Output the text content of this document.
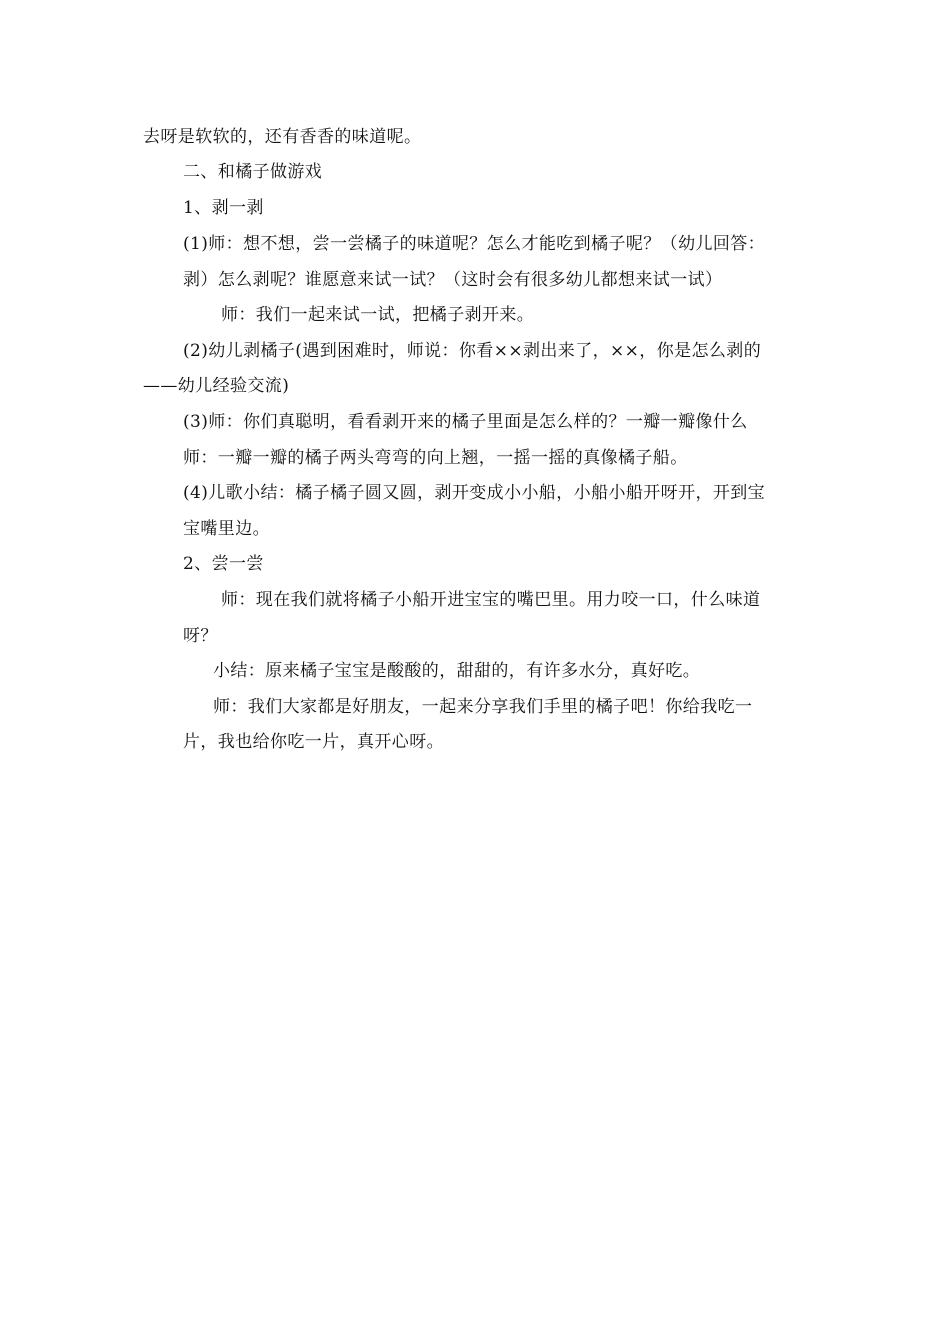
去呀是软软的，还有香香的味道呢。
二、和橘子做游戏
1、剥一剥
(1)师：想不想，尝一尝橘子的味道呢？怎么才能吃到橘子呢？（幼儿回答：
剥）怎么剥呢？谁愿意来试一试？（这时会有很多幼儿都想来试一试）
师：我们一起来试一试，把橘子剥开来。
(2)幼儿剥橘子(遇到困难时，师说：你看××剥出来了，××，你是怎么剥的
——幼儿经验交流)
(3)师：你们真聪明，看看剥开来的橘子里面是怎么样的？一瓣一瓣像什么
师：一瓣一瓣的橘子两头弯弯的向上翘，一摇一摇的真像橘子船。
(4)儿歌小结：橘子橘子圆又圆，剥开变成小小船，小船小船开呀开，开到宝
宝嘴里边。
2、尝一尝
师：现在我们就将橘子小船开进宝宝的嘴巴里。用力咬一口，什么味道
呀？
小结：原来橘子宝宝是酸酸的，甜甜的，有许多水分，真好吃。
师：我们大家都是好朋友，一起来分享我们手里的橘子吧！你给我吃一
片，我也给你吃一片，真开心呀。
